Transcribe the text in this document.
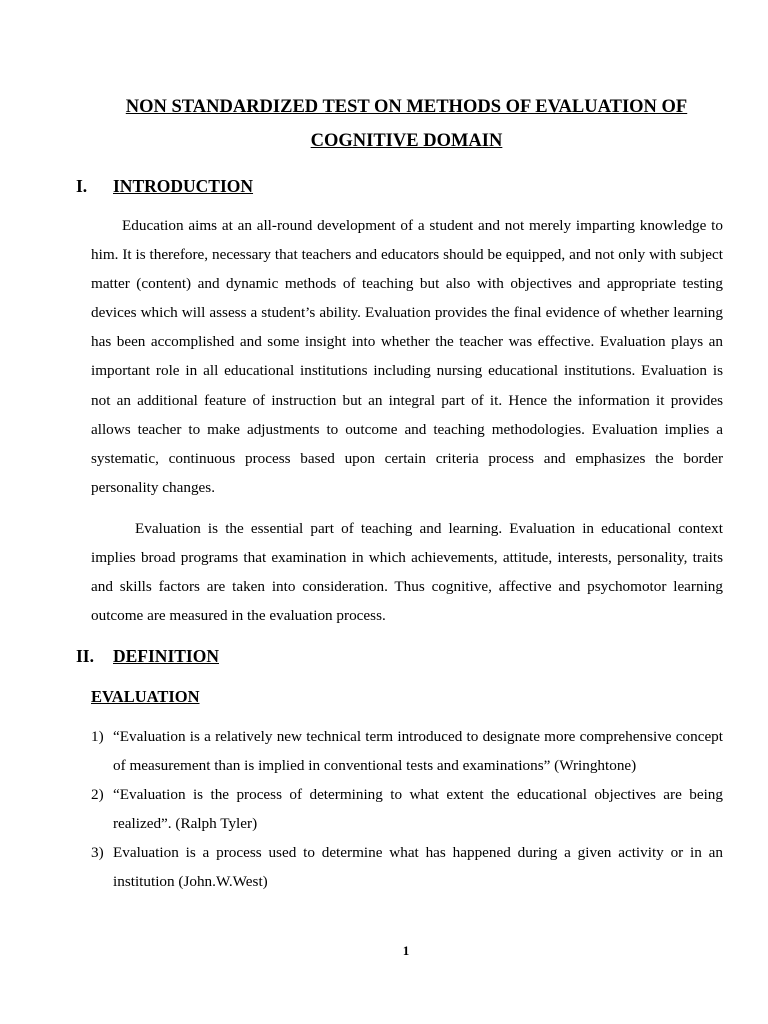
NON STANDARDIZED TEST ON METHODS OF EVALUATION OF
COGNITIVE DOMAIN
I. INTRODUCTION

Education aims at an all-round development of a student and not merely imparting knowledge to him. It is therefore, necessary that teachers and educators should be equipped, and not only with subject matter (content) and dynamic methods of teaching but also with objectives and appropriate testing devices which will assess a student’s ability. Evaluation provides the final evidence of whether learning has been accomplished and some insight into whether the teacher was effective. Evaluation plays an important role in all educational institutions including nursing educational institutions. Evaluation is not an additional feature of instruction but an integral part of it. Hence the information it provides allows teacher to make adjustments to outcome and teaching methodologies. Evaluation implies a systematic, continuous process based upon certain criteria process and emphasizes the border personality changes.

Evaluation is the essential part of teaching and learning. Evaluation in educational context implies broad programs that examination in which achievements, attitude, interests, personality, traits and skills factors are taken into consideration. Thus cognitive, affective and psychomotor learning outcome are measured in the evaluation process.

II. DEFINITION
EVALUATION
1) “Evaluation is a relatively new technical term introduced to designate more comprehensive concept of measurement than is implied in conventional tests and examinations” (Wringhtone)
2) “Evaluation is the process of determining to what extent the educational objectives are being realized”. (Ralph Tyler)
3) Evaluation is a process used to determine what has happened during a given activity or in an institution (John.W.West)
1
